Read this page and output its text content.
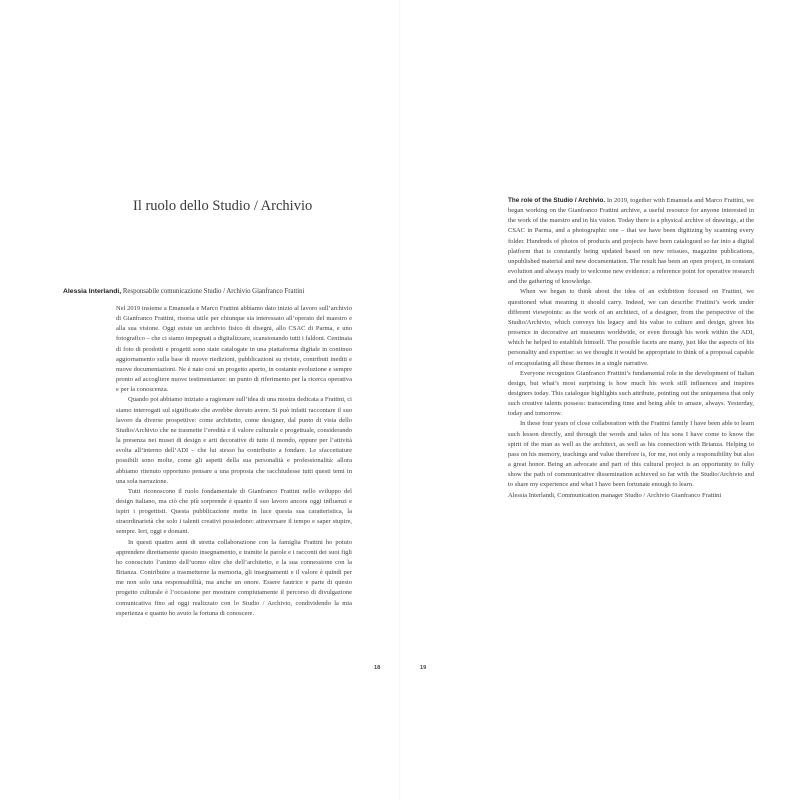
Il ruolo dello Studio / Archivio
Alessia Interlandi, Responsabile comunicazione Studio / Archivio Gianfranco Frattini

Nel 2019 insieme a Emanuela e Marco Frattini abbiamo dato inizio al lavoro sull’archivio di Gianfranco Frattini, risorsa utile per chiunque sia interessato all’operato del maestro e alla sua visione. Oggi esiste un archivio fisico di disegni, allo CSAC di Parma, e uno fotografico – che ci siamo impegnati a digitalizzare, scansionando tutti i faldoni. Centinaia di foto di prodotti e progetti sono state catalogate in una piattaforma digitale in continuo aggiornamento sulla base di nuove riedizioni, pubblicazioni su riviste, contributi inediti e nuove documentazioni. Ne è nato così un progetto aperto, in costante evoluzione e sempre pronto ad accogliere nuove testimonianze: un punto di riferimento per la ricerca operativa e per la conoscenza.

Quando poi abbiamo iniziato a ragionare sull’idea di una mostra dedicata a Frattini, ci siamo interrogati sul significato che avrebbe dovuto avere. Si può infatti raccontare il suo lavoro da diverse prospettive: come architetto, come designer, dal punto di vista dello Studio/Archivio che ne trasmette l’eredità e il valore culturale e progettuale, considerando la presenza nei musei di design e arti decorative di tutto il mondo, oppure per l’attività svolta all’interno dell’ADI – che lui stesso ha contribuito a fondare. Le sfaccettature possibili sono molte, come gli aspetti della sua personalità e professionalità: allora abbiamo ritenuto opportuno pensare a una proposta che racchiudesse tutti questi temi in una sola narrazione.

Tutti riconoscono il ruolo fondamentale di Gianfranco Frattini nello sviluppo del design italiano, ma ciò che più sorprende è quanto il suo lavoro ancora oggi influenzi e ispiri i progettisti. Questa pubblicazione mette in luce questa sua caratteristica, la straordinarietà che solo i talenti creativi possiedono: attraversare il tempo e saper stupire, sempre. Ieri, oggi e domani.

In questi quattro anni di stretta collaborazione con la famiglia Frattini ho potuto apprendere direttamente questo insegnamento, e tramite le parole e i racconti dei suoi figli ho conosciuto l’animo dell’uomo oltre che dell’architetto, e la sua connessione con la Brianza. Contribuire a trasmetterne la memoria, gli insegnamenti e il valore è quindi per me non solo una responsabilità, ma anche un onore. Essere fautrice e parte di questo progetto culturale è l’occasione per mostrare compiutamente il percorso di divulgazione comunicativa fino ad oggi realizzato con lo Studio / Archivio, condividendo la mia esperienza e quanto ho avuto la fortuna di conoscere.

The role of the Studio / Archivio. In 2019, together with Emanuela and Marco Frattini, we began working on the Gianfranco Frattini archive, a useful resource for anyone interested in the work of the maestro and in his vision. Today there is a physical archive of drawings, at the CSAC in Parma, and a photographic one – that we have been digitizing by scanning every folder. Hundreds of photos of products and projects have been catalogued so far into a digital platform that is constantly being updated based on new reissues, magazine publications, unpublished material and new documentation. The result has been an open project, in constant evolution and always ready to welcome new evidence: a reference point for operative research and the gathering of knowledge.

When we began to think about the idea of an exhibition focused on Frattini, we questioned what meaning it should carry. Indeed, we can describe Frattini’s work under different viewpoints: as the work of an architect, of a designer, from the perspective of the Studio/Archivio, which conveys his legacy and his value to culture and design, given his presence in decorative art museums worldwide, or even through his work within the ADI, which he helped to establish himself. The possible facets are many, just like the aspects of his personality and expertise: so we thought it would be appropriate to think of a proposal capable of encapsulating all these themes in a single narrative.

Everyone recognizes Gianfranco Frattini’s fundamental role in the development of Italian design, but what’s most surprising is how much his work still influences and inspires designers today. This catalogue highlights such attribute, pointing out the uniqueness that only such creative talents possess: transcending time and being able to amaze, always. Yesterday, today and tomorrow.

In these four years of close collaboration with the Frattini family I have been able to learn such lesson directly, and through the words and tales of his sons I have come to know the spirit of the man as well as the architect, as well as his connection with Brianza. Helping to pass on his memory, teachings and value therefore is, for me, not only a responsibility but also a great honor. Being an advocate and part of this cultural project is an opportunity to fully show the path of communicative dissemination achieved so far with the Studio/Archivio and to share my experience and what I have been fortunate enough to learn.

Alessia Interlandi, Communication manager Studio / Archivio Gianfranco Frattini

18	19
